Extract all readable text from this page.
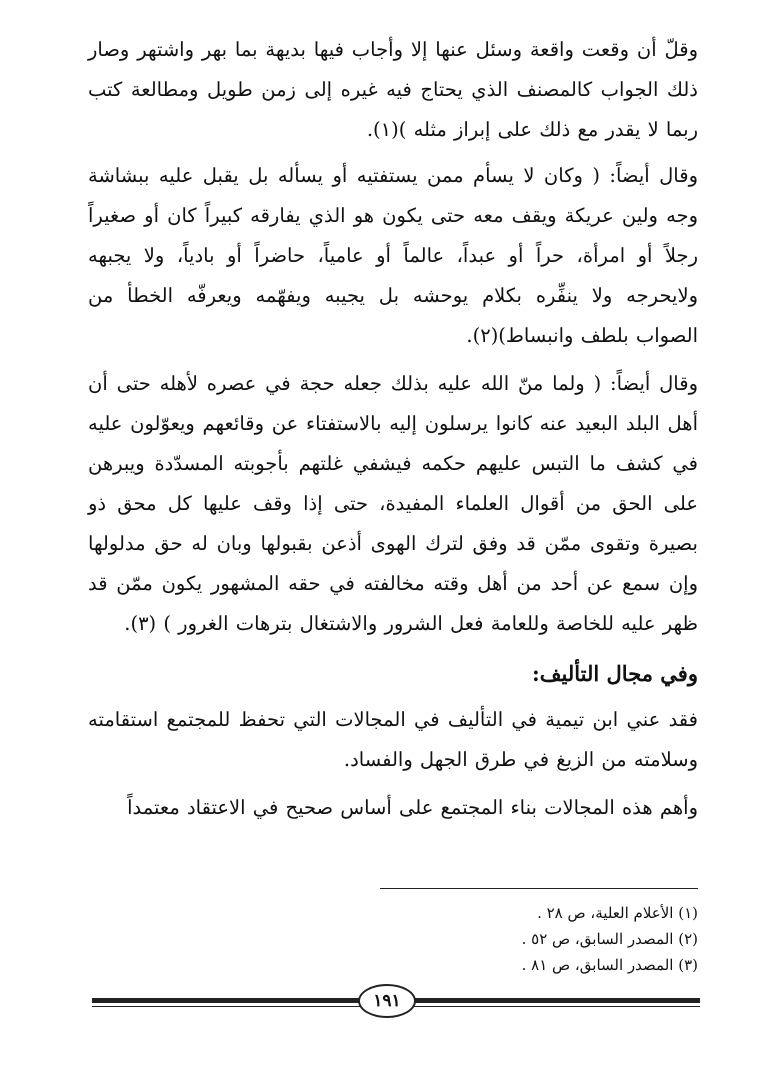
وقلّ أن وقعت واقعة وسئل عنها إلا وأجاب فيها بديهة بما بهر واشتهر وصار ذلك الجواب كالمصنف الذي يحتاج فيه غيره إلى زمن طويل ومطالعة كتب ربما لا يقدر مع ذلك على إبراز مثله )(١).

وقال أيضاً: ( وكان لا يسأم ممن يستفتيه أو يسأله بل يقبل عليه ببشاشة وجه ولين عريكة ويقف معه حتى يكون هو الذي يفارقه كبيراً كان أو صغيراً رجلاً أو امرأة، حراً أو عبداً، عالماً أو عامياً، حاضراً أو بادياً، ولا يجبهه ولايحرجه ولا ينفِّره بكلام يوحشه بل يجيبه ويفهّمه ويعرفّه الخطأ من الصواب بلطف وانبساط)(٢).

وقال أيضاً: ( ولما منّ الله عليه بذلك جعله حجة في عصره لأهله حتى أن أهل البلد البعيد عنه كانوا يرسلون إليه بالاستفتاء عن وقائعهم ويعوّلون عليه في كشف ما التبس عليهم حكمه فيشفي غلتهم بأجوبته المسدّدة ويبرهن على الحق من أقوال العلماء المفيدة، حتى إذا وقف عليها كل محق ذو بصيرة وتقوى ممّن قد وفق لترك الهوى أذعن بقبولها وبان له حق مدلولها وإن سمع عن أحد من أهل وقته مخالفته في حقه المشهور يكون ممّن قد ظهر عليه للخاصة وللعامة فعل الشرور والاشتغال بترهات الغرور ) (٣).

وفي مجال التأليف:

فقد عني ابن تيمية في التأليف في المجالات التي تحفظ للمجتمع استقامته وسلامته من الزيغ في طرق الجهل والفساد.

وأهم هذه المجالات بناء المجتمع على أساس صحيح في الاعتقاد معتمداً

(١) الأعلام العلية، ص ٢٨ .

(٢) المصدر السابق، ص ٥٢ .

(٣) المصدر السابق، ص ٨١ .

١٩١
